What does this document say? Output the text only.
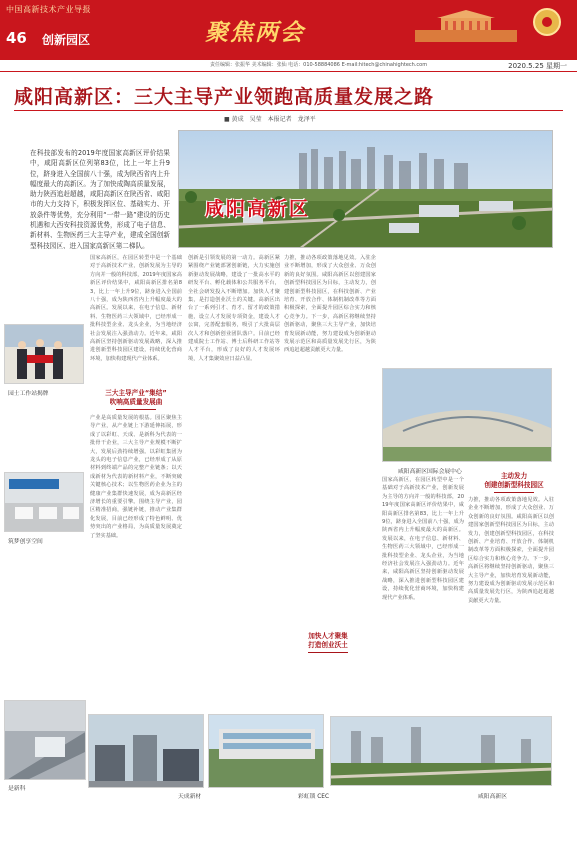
中国高新技术产业导报
46 创新园区	聚焦两会
责任编辑：张振华 美术编辑：张仙 电话：010-58884086 E-mail:hitech@chinahightech.com	2020.5.25 星期一
咸阳高新区：三大主导产业领跑高质量发展之路
■ 黄成　吴莹　本报记者　龙泽平

在科技部发布的2019年度国家高新区评价结果中，咸阳高新区位列第83位，比上一年上升9位，跻身进入全国前八十强，成为陕西省内上升幅度最大的高新区。为了加快成陶高质量发展，助力陕西追赶超越，咸阳高新区在陕西省、咸阳市的大力支持下，积极发挥区位、基础实力、开放条件等优势，充分利用“一带一路”建设的历史机遇和大西安科技资源优势，形成了电子信息、新材料、生物医药三大主导产业，建成全国创新型科技园区、进入国家高新区第二梯队。

咸阳高新区
园士工作站揭牌
筑梦创享空间
是新科
天成新材	彩虹锁 CEC
咸阳高新区国际会展中心
咸阳高新区
三大主导产业“集结”
吹响高质量发展曲
加快人才聚集
打造创业沃土
主动发力
创建创新型科技园区
国家高新区，在园区转型中是一个基础对于高新技术产业，创新发展为主导的方向并一般的科技部，2019年度国家高新区评价结果中，咸阳高新区排名第83，比上一年上升9位，跻身进入全国前八十强，成为陕西省内上升幅度最大的高新区。发展以来，在电子信息、新材料、生物医药三大领域中，已经形成一批科技型企业、龙头企业，为当地经济社会发展注入强劲动力。近年来，咸阳高新区坚持创新驱动发展战略，深入推进创新型科技园区建设，持续优化营商环境，加快构建现代产业体系。
产业是高质量发展的根基。园区聚焦主导产业，从产业链上下游延伸拓展，形成了以彩虹、天成、是新科为代表的一批骨干企业，三大主导产业规模不断扩大，发展后劲持续增强。以彩虹集团为龙头的电子信息产业，已经形成了从原材料到终端产品的完整产业链条；以天成新材为代表的新材料产业，不断突破关键核心技术；以生物医药企业为主的健康产业集群快速发展，成为高新区经济增长的重要引擎。围绕主导产业，园区精准招商，强链补链，推动产业集群化发展，目前已经形成了特色鲜明、优势突出的产业格局，为高质量发展奠定了坚实基础。
创新是引领发展的第一动力。高新区紧紧围绕产业链部署创新链，大力实施创新驱动发展战略，建设了一批高水平的研发平台、孵化载体和公共服务平台，全社会研发投入不断增加。加快人才聚集，是打造创业沃土的关键。高新区出台了一系列引才、育才、留才的政策措施，设立人才发展专项资金，建设人才公寓，完善配套服务，吸引了大批高层次人才和创新创业团队落户。目前已经建成院士工作站、博士后科研工作站等人才平台，形成了良好的人才发展环境，人才集聚效应日益凸显。
力推，推动各项政策落地见效。入驻企业不断增加，形成了大众创业、万众创新的良好氛围。咸阳高新区以创建国家创新型科技园区为目标，主动发力，创建创新型科技园区，在科技创新、产业培育、开放合作、体制机制改革等方面积极探索，全面提升园区综合实力和核心竞争力。下一步，高新区将继续坚持创新驱动，聚焦三大主导产业，加快培育发展新动能，努力建设成为创新驱动发展示范区和高质量发展先行区，为陕西追赶超越贡献更大力量。
国家高新区，在园区转型中是一个基础对于高新技术产业，创新发展为主导的方向并一般的科技部，2019年度国家高新区评价结果中，咸阳高新区排名第83，比上一年上升9位，跻身进入全国前八十强，成为陕西省内上升幅度最大的高新区。发展以来，在电子信息、新材料、生物医药三大领域中，已经形成一批科技型企业、龙头企业，为当地经济社会发展注入强劲动力。近年来，咸阳高新区坚持创新驱动发展战略，深入推进创新型科技园区建设，持续优化营商环境，加快构建现代产业体系。
力推，推动各项政策落地见效。入驻企业不断增加，形成了大众创业、万众创新的良好氛围。咸阳高新区以创建国家创新型科技园区为目标，主动发力，创建创新型科技园区，在科技创新、产业培育、开放合作、体制机制改革等方面积极探索，全面提升园区综合实力和核心竞争力。下一步，高新区将继续坚持创新驱动，聚焦三大主导产业，加快培育发展新动能，努力建设成为创新驱动发展示范区和高质量发展先行区，为陕西追赶超越贡献更大力量。
